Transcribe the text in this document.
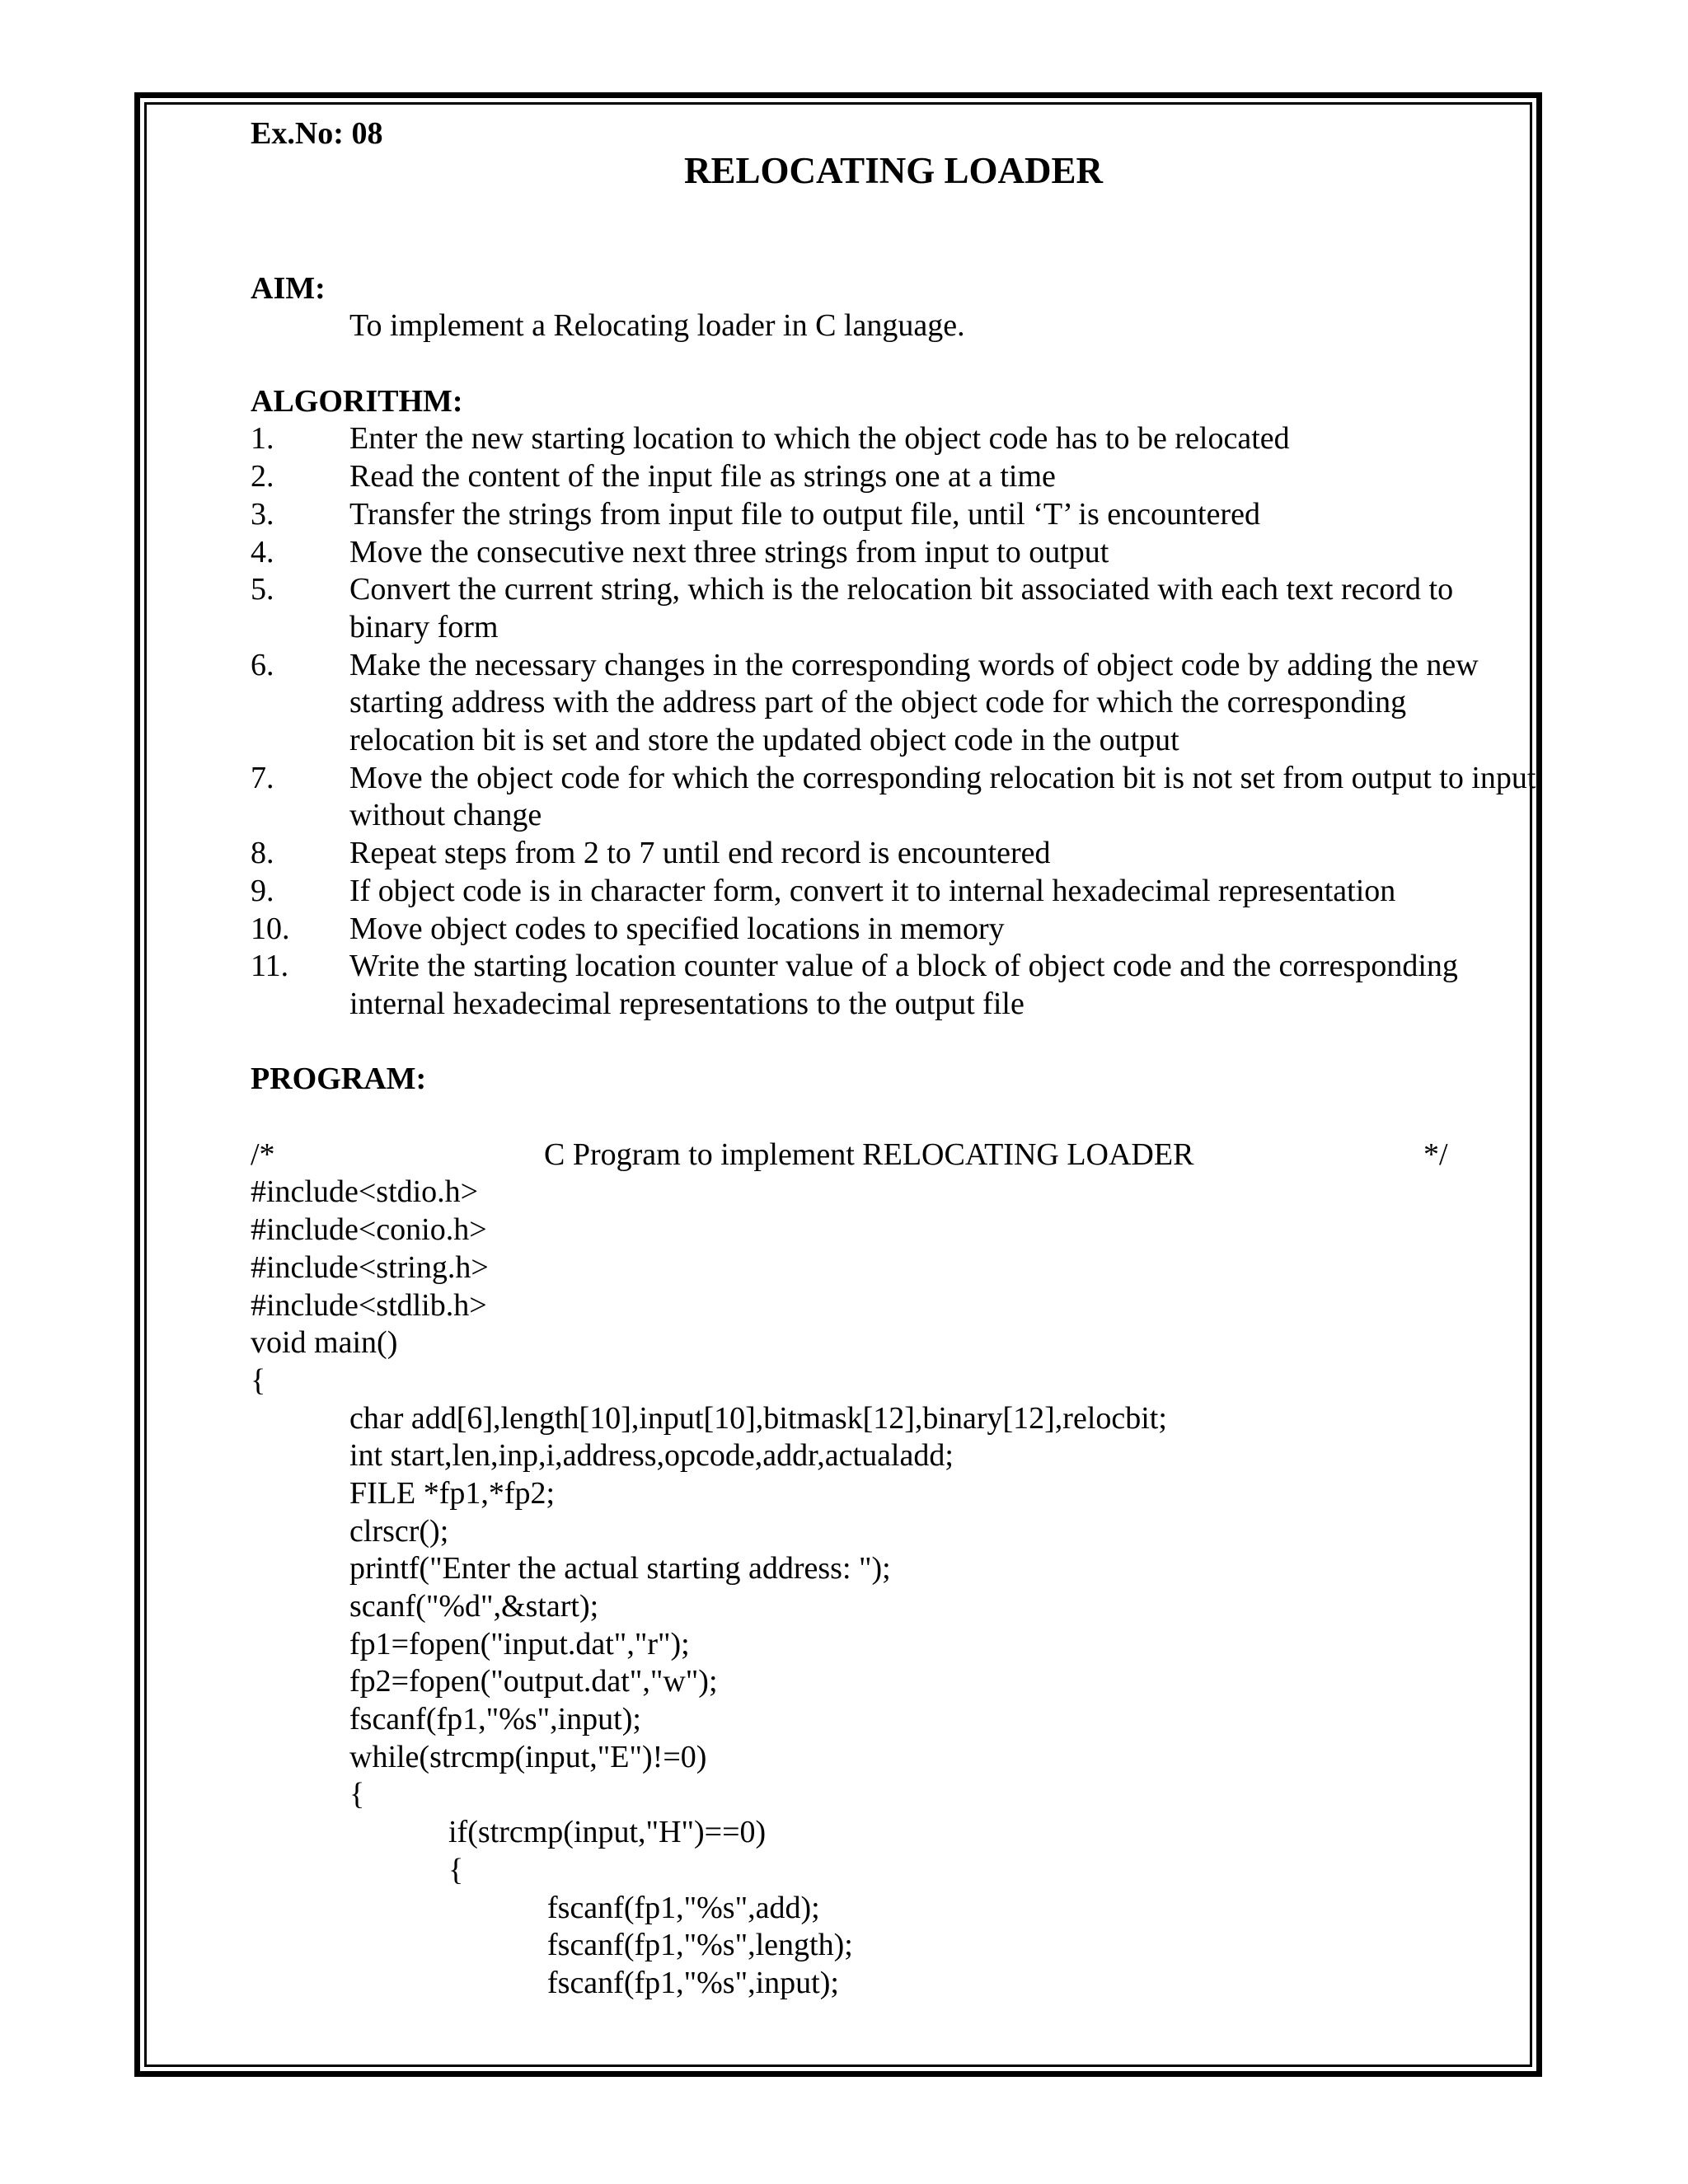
Ex.No: 08
RELOCATING LOADER
AIM:
To implement a Relocating loader in C language.
ALGORITHM:
1. Enter the new starting location to which the object code has to be relocated
2. Read the content of the input file as strings one at a time
3. Transfer the strings from input file to output file, until ‘T’ is encountered
4. Move the consecutive next three strings from input to output
5. Convert the current string, which is the relocation bit associated with each text record to binary form
6. Make the necessary changes in the corresponding words of object code by adding the new starting address with the address part of the object code for which the corresponding relocation bit is set and store the updated object code in the output
7. Move the object code for which the corresponding relocation bit is not set from output to input without change
8. Repeat steps from 2 to 7 until end record is encountered
9. If object code is in character form, convert it to internal hexadecimal representation
10. Move object codes to specified locations in memory
11. Write the starting location counter value of a block of object code and the corresponding internal hexadecimal representations to the output file
PROGRAM:
/*	C Program to implement RELOCATING LOADER	*/
#include<stdio.h>
#include<conio.h>
#include<string.h>
#include<stdlib.h>
void main()
{
char add[6],length[10],input[10],bitmask[12],binary[12],relocbit;
int start,len,inp,i,address,opcode,addr,actualadd;
FILE *fp1,*fp2;
clrscr();
printf("Enter the actual starting address: ");
scanf("%d",&start);
fp1=fopen("input.dat","r");
fp2=fopen("output.dat","w");
fscanf(fp1,"%s",input);
while(strcmp(input,"E")!=0)
{
if(strcmp(input,"H")==0)
{
fscanf(fp1,"%s",add);
fscanf(fp1,"%s",length);
fscanf(fp1,"%s",input);
